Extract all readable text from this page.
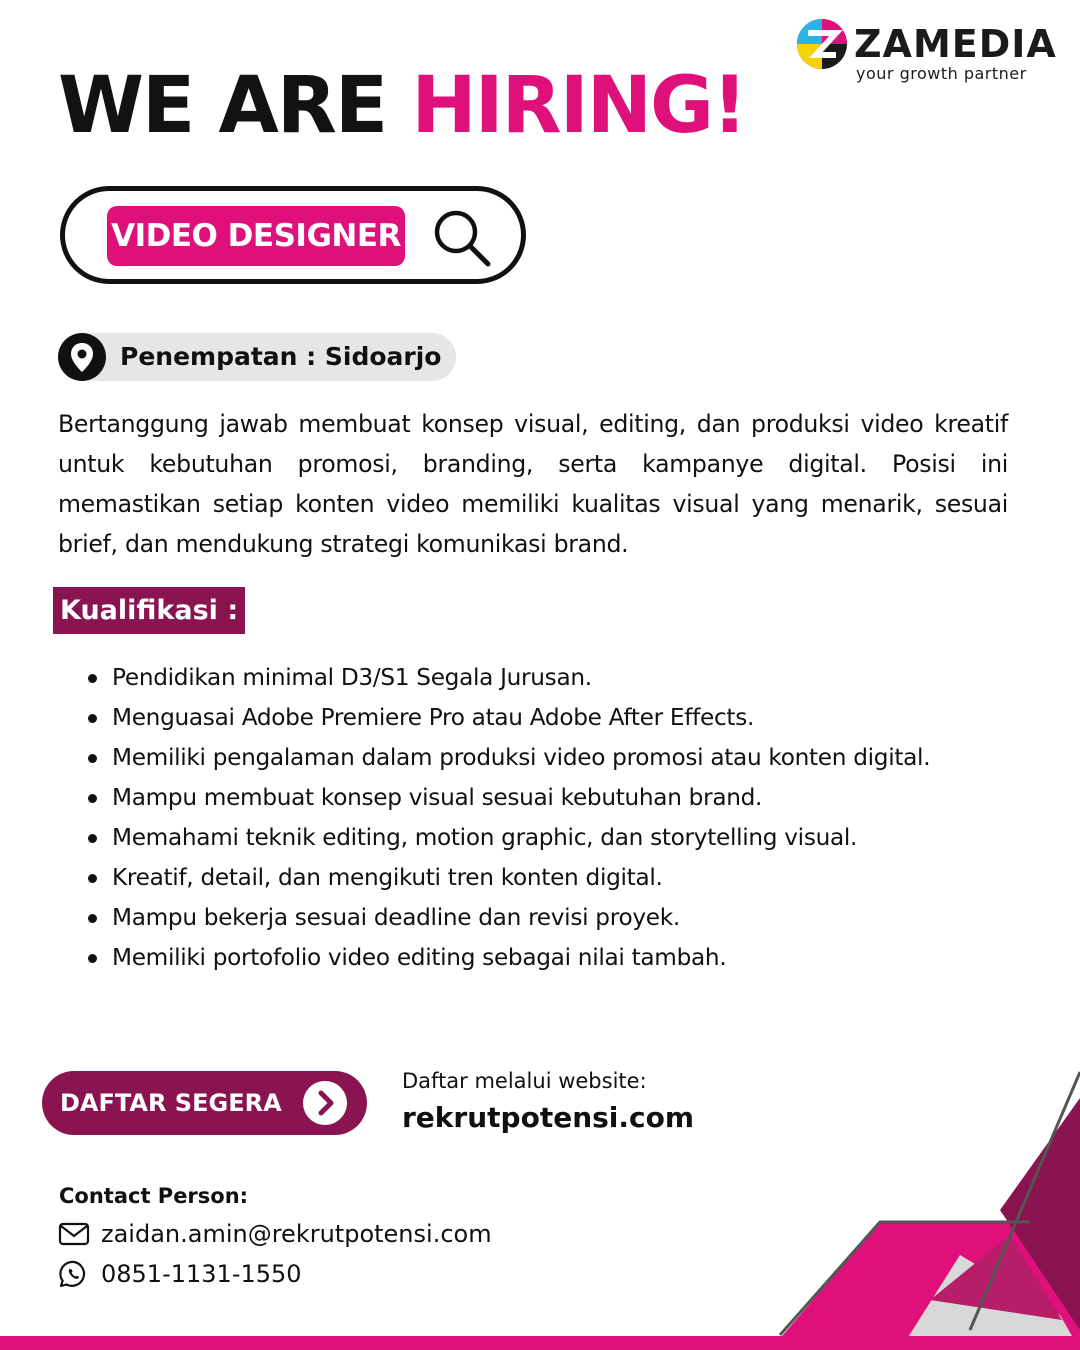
ZAMEDIA
your growth partner
WE ARE HIRING!
VIDEO DESIGNER
Penempatan : Sidoarjo

Bertanggung jawab membuat konsep visual, editing, dan produksi video kreatif untuk kebutuhan promosi, branding, serta kampanye digital. Posisi ini memastikan setiap konten video memiliki kualitas visual yang menarik, sesuai brief, dan mendukung strategi komunikasi brand.

Kualifikasi :
Pendidikan minimal D3/S1 Segala Jurusan.
Menguasai Adobe Premiere Pro atau Adobe After Effects.
Memiliki pengalaman dalam produksi video promosi atau konten digital.
Mampu membuat konsep visual sesuai kebutuhan brand.
Memahami teknik editing, motion graphic, dan storytelling visual.
Kreatif, detail, dan mengikuti tren konten digital.
Mampu bekerja sesuai deadline dan revisi proyek.
Memiliki portofolio video editing sebagai nilai tambah.
DAFTAR SEGERA
Daftar melalui website:
rekrutpotensi.com
Contact Person:
zaidan.amin@rekrutpotensi.com
0851-1131-1550
